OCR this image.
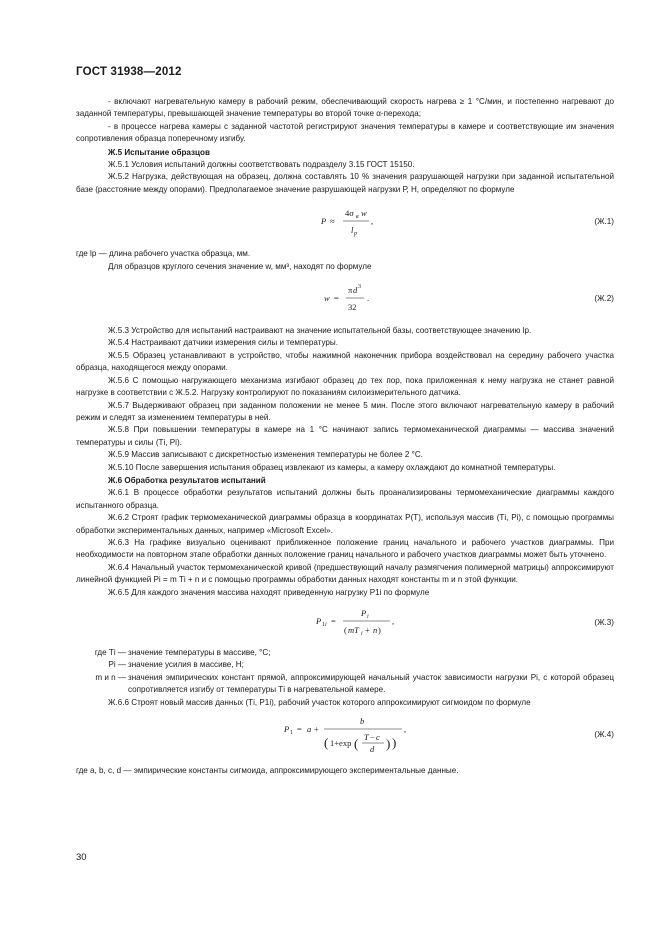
ГОСТ 31938—2012

- включают нагревательную камеру в рабочий режим, обеспечивающий скорость нагрева ≥ 1 °С/мин, и постепенно нагревают до заданной температуры, превышающей значение температуры во второй точке α-перехода;

- в процессе нагрева камеры с заданной частотой регистрируют значения температуры в камере и соответствующие им значения сопротивления образца поперечному изгибу.

Ж.5 Испытание образцов

Ж.5.1 Условия испытаний должны соответствовать подразделу 3.15 ГОСТ 15150.

Ж.5.2 Нагрузка, действующая на образец, должна составлять 10 % значения разрушающей нагрузки при заданной испытательной базе (расстояние между опорами). Предполагаемое значение разрушающей нагрузки Р, Н, определяют по формуле

P ≈
4σ в w
l р
,	(Ж.1)

где lр — длина рабочего участка образца, мм.

Для образцов круглого сечения значение w, мм³, находят по формуле

w =
π d 3
32
.	(Ж.2)

Ж.5.3 Устройство для испытаний настраивают на значение испытательной базы, соответствующее значению lр.

Ж.5.4 Настраивают датчики измерения силы и температуры.

Ж.5.5 Образец устанавливают в устройство, чтобы нажимной наконечник прибора воздействовал на середину рабочего участка образца, находящегося между опорами.

Ж.5.6 С помощью нагружающего механизма изгибают образец до тех пор, пока приложенная к нему нагрузка не станет равной нагрузке в соответствии с Ж.5.2. Нагрузку контролируют по показаниям силоизмерительного датчика.

Ж.5.7 Выдерживают образец при заданном положении не менее 5 мин. После этого включают нагревательную камеру в рабочий режим и следят за изменением температуры в ней.

Ж.5.8 При повышении температуры в камере на 1 °С начинают запись термомеханической диаграммы — массива значений температуры и силы (Тi, Рi).

Ж.5.9 Массив записывают с дискретностью изменения температуры не более 2 °С.

Ж.5.10 После завершения испытания образец извлекают из камеры, а камеру охлаждают до комнатной температуры.

Ж.6 Обработка результатов испытаний

Ж.6.1 В процессе обработки результатов испытаний должны быть проанализированы термомеханические диаграммы каждого испытанного образца.

Ж.6.2 Строят график термомеханической диаграммы образца в координатах Р(Т), используя массив (Тi, Рi), с помощью программы обработки экспериментальных данных, например «Microsoft Excel».

Ж.6.3 На графике визуально оценивают приближенное положение границ начального и рабочего участков диаграммы. При необходимости на повторном этапе обработки данных положение границ начального и рабочего участков диаграммы может быть уточнено.

Ж.6.4 Начальный участок термомеханической кривой (предшествующий началу размягчения полимерной матрицы) аппроксимируют линейной функцией Рi = m Тi + n и с помощью программы обработки данных находят константы m и n этой функции.

Ж.6.5 Для каждого значения массива находят приведенную нагрузку Р1i по формуле

P 1 i =
P i
( mT i + n )
,	(Ж.3)
где Тi — значение температуры в массиве, °С;
Рi — значение усилия в массиве, Н;
m и n — значения эмпирических констант прямой, аппроксимирующей начальный участок зависимости нагрузки Рi, с которой образец сопротивляется изгибу от температуры Тi в нагревательной камере.

Ж.6.6 Строят новый массив данных (Тi, Р1i), рабочий участок которого аппроксимируют сигмоидом по формуле

P 1 = a +
b
( 1+exp ( T − c
d ) )
,
(Ж.4)

где a, b, c, d — эмпирические константы сигмоида, аппроксимирующего экспериментальные данные.

30
